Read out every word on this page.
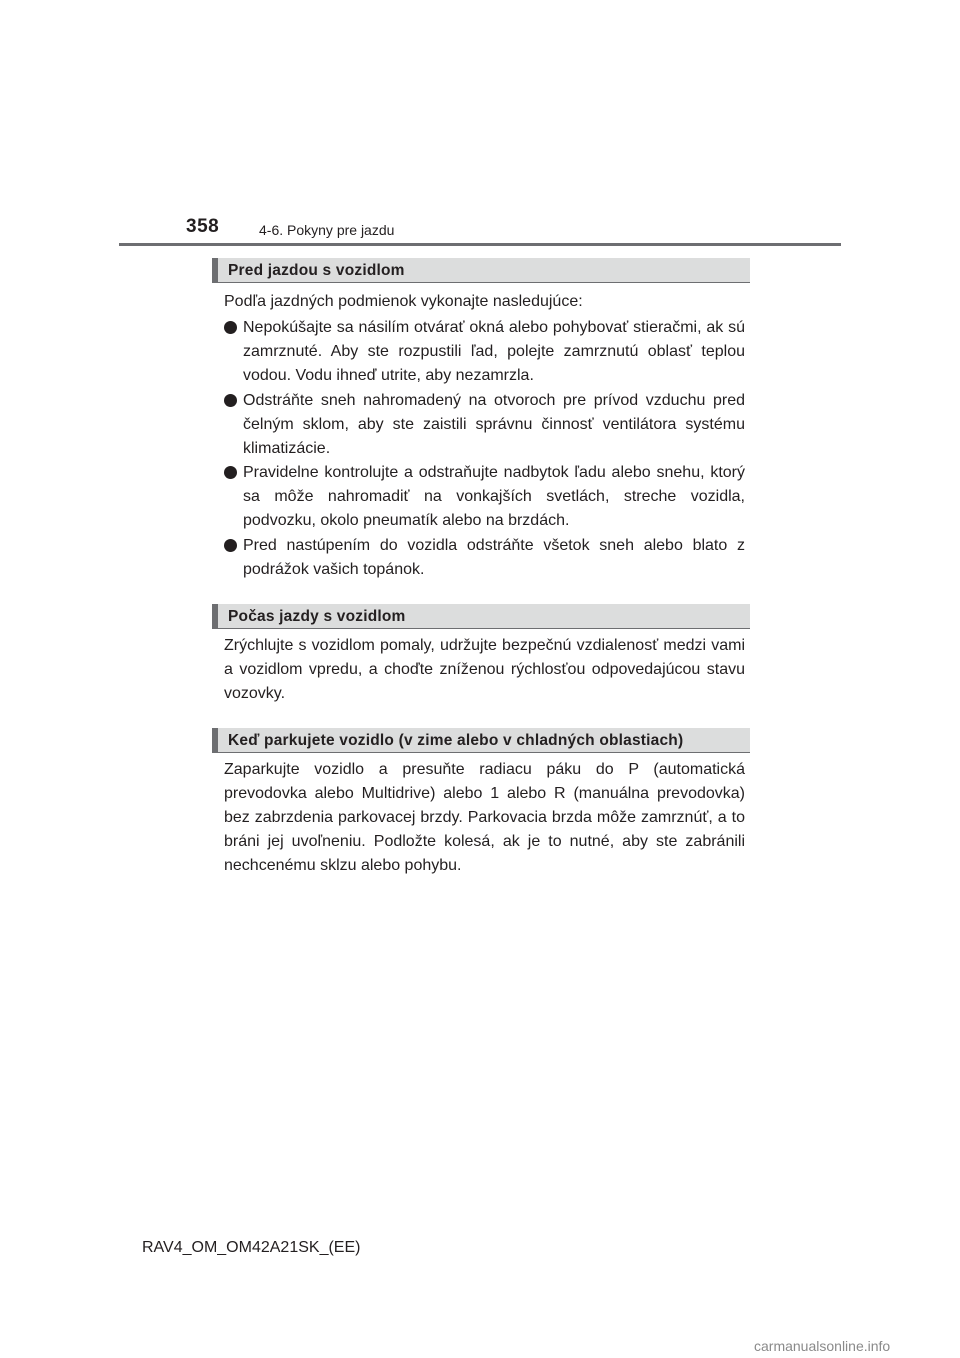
358	4-6. Pokyny pre jazdu
Pred jazdou s vozidlom

Podľa jazdných podmienok vykonajte nasledujúce:

Nepokúšajte sa násilím otvárať okná alebo pohybovať stieračmi, ak sú zamrznuté. Aby ste rozpustili ľad, polejte zamrznutú oblasť teplou vodou. Vodu ihneď utrite, aby nezamrzla.

Odstráňte sneh nahromadený na otvoroch pre prívod vzduchu pred čelným sklom, aby ste zaistili správnu činnosť ventilátora systému klimatizácie.

Pravidelne kontrolujte a odstraňujte nadbytok ľadu alebo snehu, ktorý sa môže nahromadiť na vonkajších svetlách, streche vozidla, podvozku, okolo pneumatík alebo na brzdách.

Pred nastúpením do vozidla odstráňte všetok sneh alebo blato z podrážok vašich topánok.

Počas jazdy s vozidlom

Zrýchlujte s vozidlom pomaly, udržujte bezpečnú vzdialenosť medzi vami a vozidlom vpredu, a choďte zníženou rýchlosťou odpovedajúcou stavu vozovky.

Keď parkujete vozidlo (v zime alebo v chladných oblastiach)

Zaparkujte vozidlo a presuňte radiacu páku do P (automatická prevodovka alebo Multidrive) alebo 1 alebo R (manuálna prevodovka) bez zabrzdenia parkovacej brzdy. Parkovacia brzda môže zamrznúť, a to bráni jej uvoľneniu. Podložte kolesá, ak je to nutné, aby ste zabránili nechcenému sklzu alebo pohybu.

RAV4_OM_OM42A21SK_(EE)
carmanualsonline.info
